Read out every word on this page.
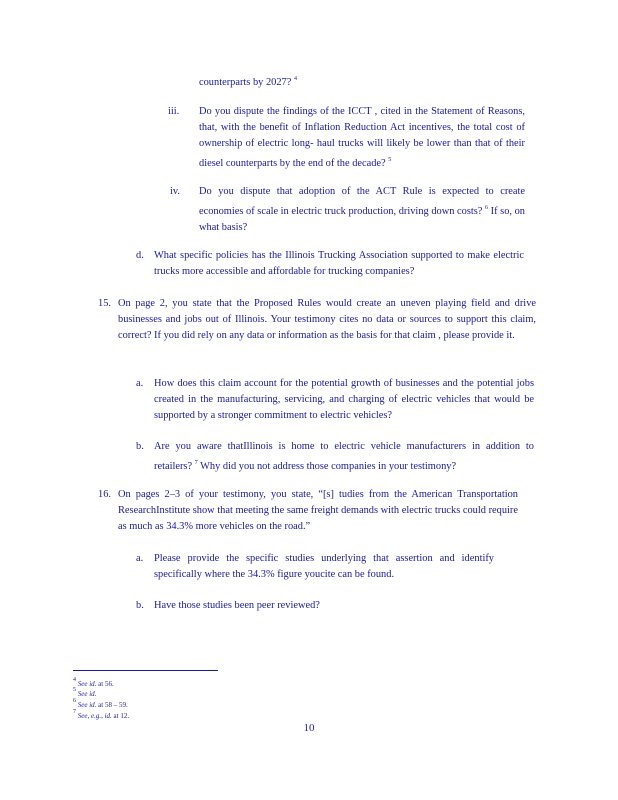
counterparts by 2027? $^4$
iii. Do you dispute the findings of the ICCT , cited in the Statement of Reasons, that, with the benefit of Inflation Reduction Act incentives, the total cost of ownership of electric long- haul trucks will likely be lower than that of their diesel counterparts by the end of the decade? $^5$
iv. Do you dispute that adoption of the ACT Rule is expected to create economies of scale in electric truck production, driving down costs? $^6$ If so, on what basis?
d. What specific policies has the Illinois Trucking Association supported to make electric trucks more accessible and affordable for trucking companies?
15. On page 2, you state that the Proposed Rules would create an uneven playing field and drive businesses and jobs out of Illinois. Your testimony cites no data or sources to support this claim, correct? If you did rely on any data or information as the basis for that claim , please provide it.
a. How does this claim account for the potential growth of businesses and the potential jobs created in the manufacturing, servicing, and charging of electric vehicles that would be supported by a stronger commitment to electric vehicles?
b. Are you aware thatIllinois is home to electric vehicle manufacturers in addition to retailers? $^7$ Why did you not address those companies in your testimony?
16. On pages 2–3 of your testimony, you state, “[s] tudies from the American Transportation ResearchInstitute show that meeting the same freight demands with electric trucks could require as much as 34.3% more vehicles on the road.”
a. Please provide the specific studies underlying that assertion and identify specifically where the 34.3% figure youcite can be found.
b. Have those studies been peer reviewed?
$^4$ See id. at 56.
$^5$ See id.
$^6$ See id. at 58 – 59.
$^7$ See, e.g., id. at 12.
10
